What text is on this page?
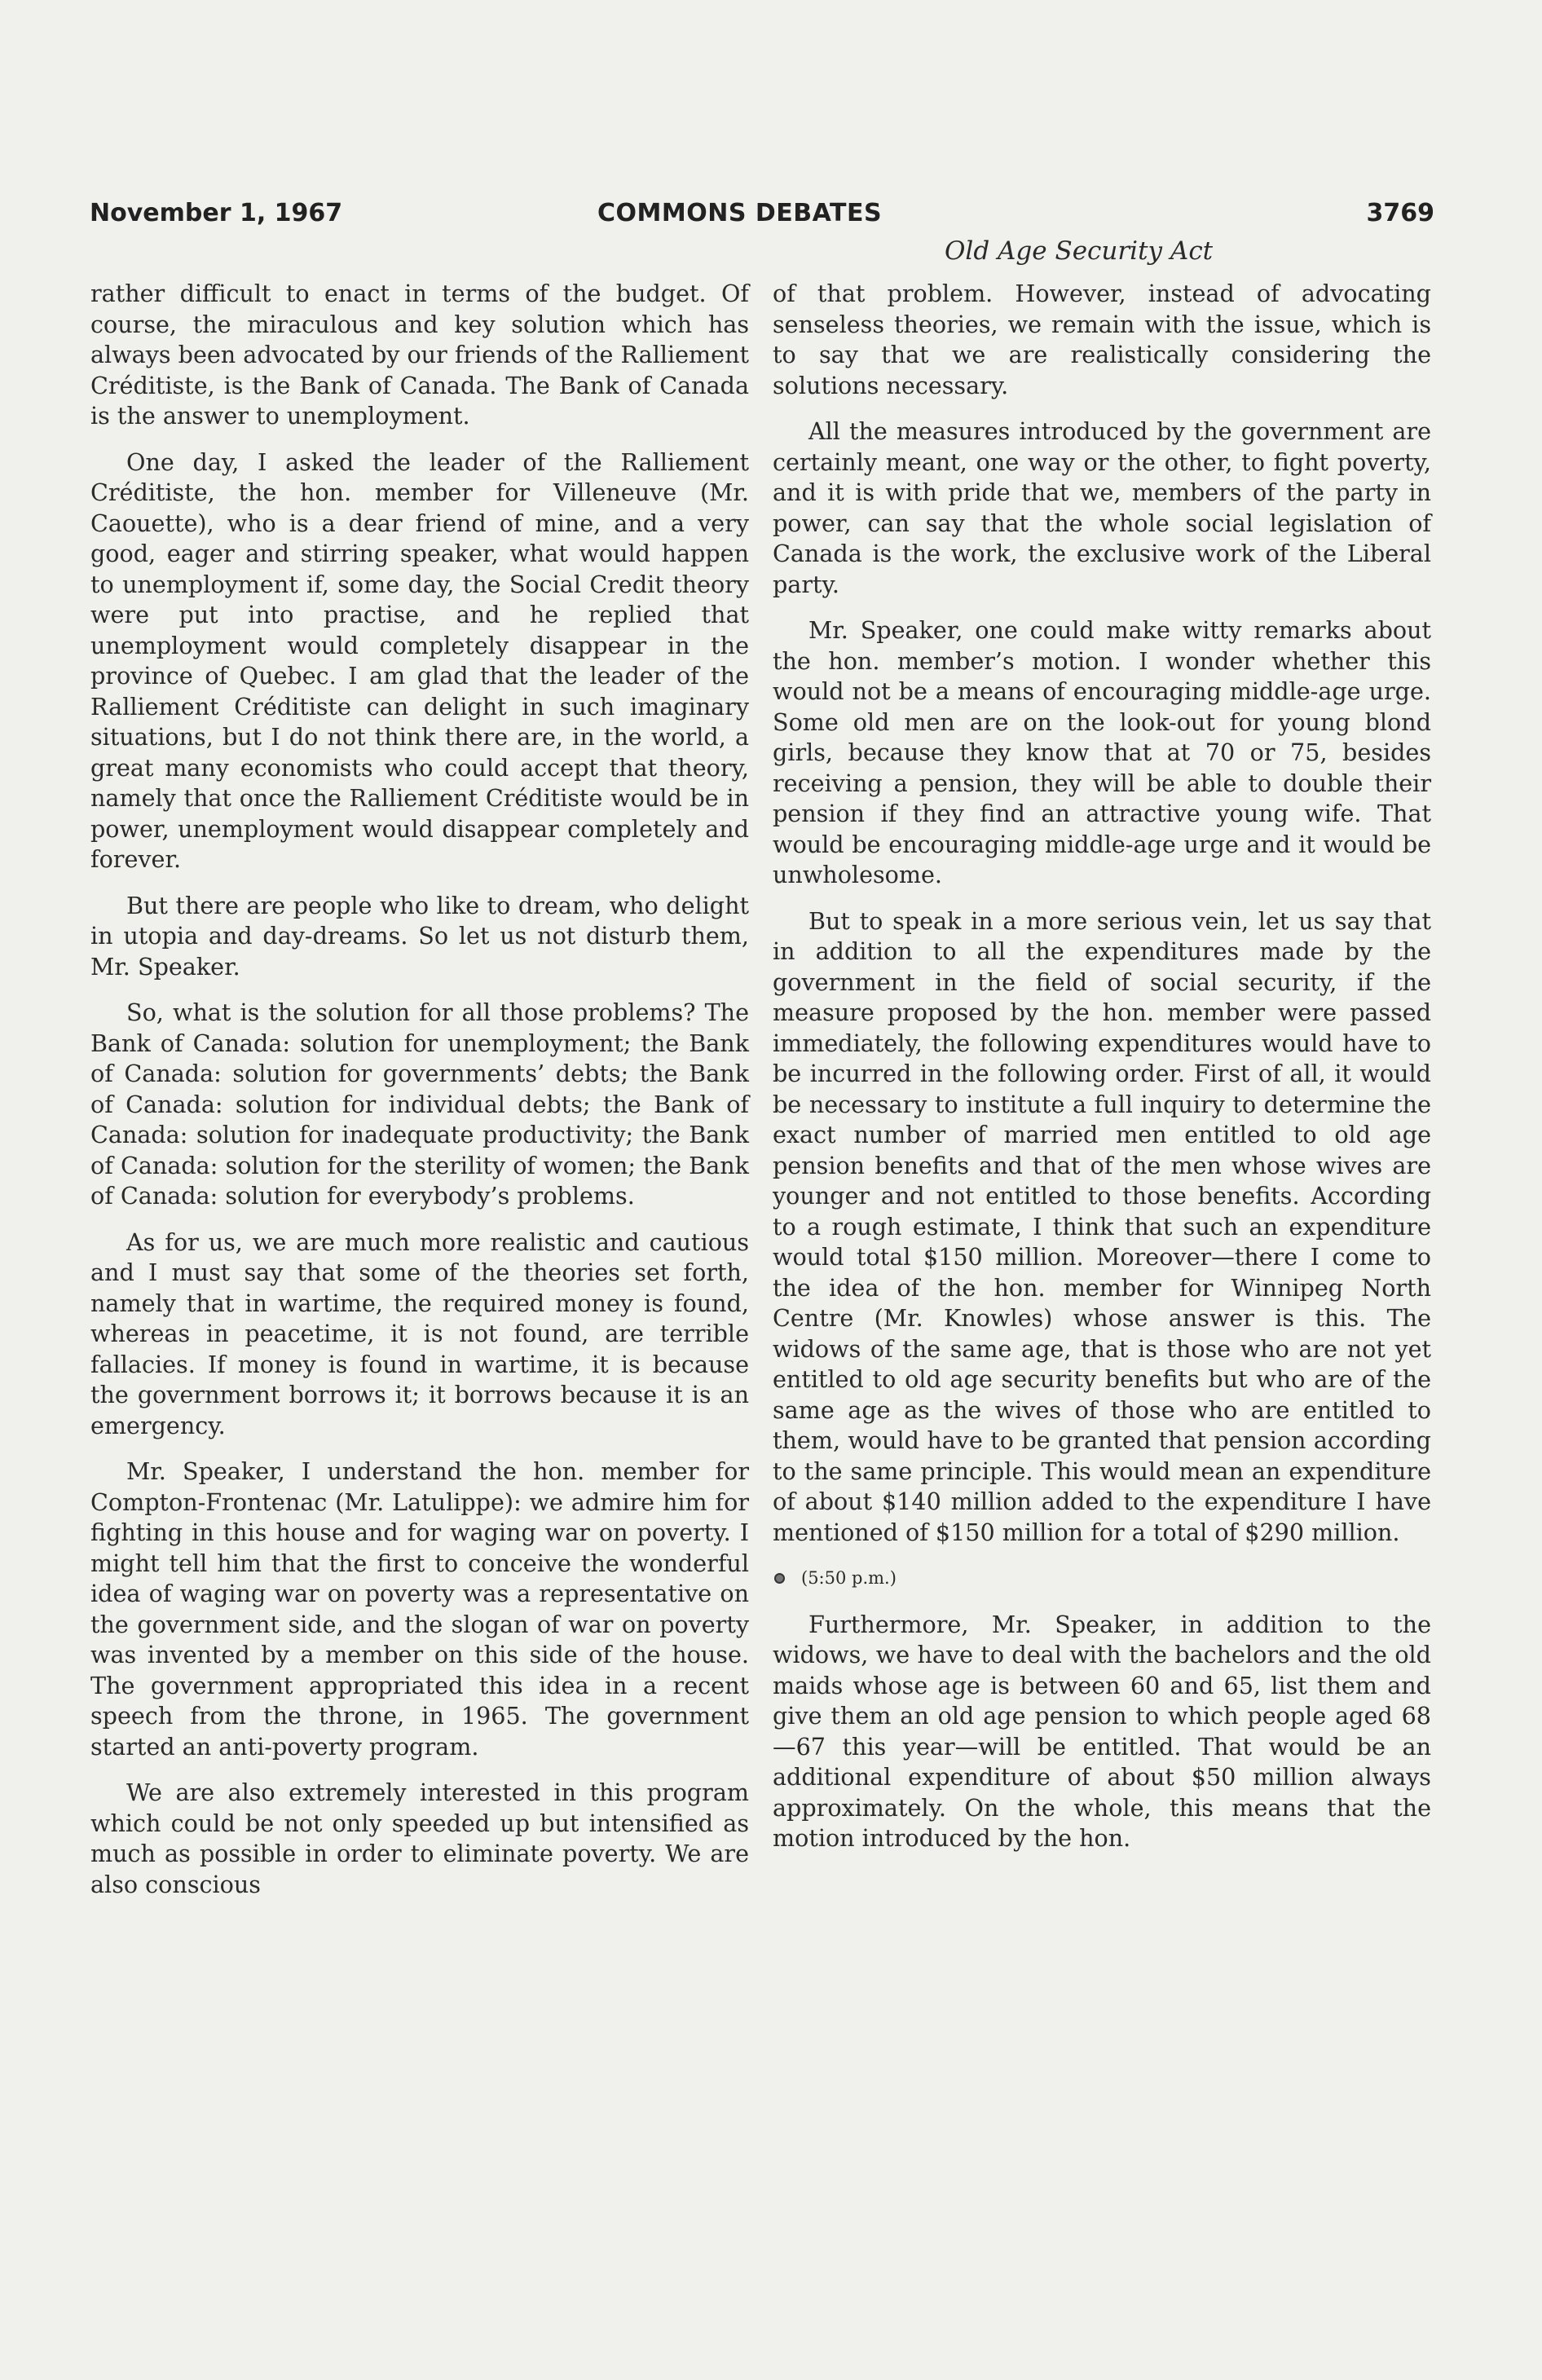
November 1, 1967	COMMONS DEBATES	3769
Old Age Security Act

rather difficult to enact in terms of the budget. Of course, the miraculous and key solution which has always been advocated by our friends of the Ralliement Créditiste, is the Bank of Canada. The Bank of Canada is the answer to unemployment.

One day, I asked the leader of the Ralliement Créditiste, the hon. member for Villeneuve (Mr. Caouette), who is a dear friend of mine, and a very good, eager and stirring speaker, what would happen to unemployment if, some day, the Social Credit theory were put into practise, and he replied that unemployment would completely disappear in the province of Quebec. I am glad that the leader of the Ralliement Créditiste can delight in such imaginary situations, but I do not think there are, in the world, a great many economists who could accept that theory, namely that once the Ralliement Créditiste would be in power, unemployment would disappear completely and forever.

But there are people who like to dream, who delight in utopia and day-dreams. So let us not disturb them, Mr. Speaker.

So, what is the solution for all those problems? The Bank of Canada: solution for unemployment; the Bank of Canada: solution for governments’ debts; the Bank of Canada: solution for individual debts; the Bank of Canada: solution for inadequate productivity; the Bank of Canada: solution for the sterility of women; the Bank of Canada: solution for everybody’s problems.

As for us, we are much more realistic and cautious and I must say that some of the theories set forth, namely that in wartime, the required money is found, whereas in peacetime, it is not found, are terrible fallacies. If money is found in wartime, it is because the government borrows it; it borrows because it is an emergency.

Mr. Speaker, I understand the hon. member for Compton-Frontenac (Mr. Latulippe): we admire him for fighting in this house and for waging war on poverty. I might tell him that the first to conceive the wonderful idea of waging war on poverty was a representative on the government side, and the slogan of war on poverty was invented by a member on this side of the house. The government appropriated this idea in a recent speech from the throne, in 1965. The government started an anti-poverty program.

We are also extremely interested in this program which could be not only speeded up but intensified as much as possible in order to eliminate poverty. We are also conscious

of that problem. However, instead of advocating senseless theories, we remain with the issue, which is to say that we are realistically considering the solutions necessary.

All the measures introduced by the government are certainly meant, one way or the other, to fight poverty, and it is with pride that we, members of the party in power, can say that the whole social legislation of Canada is the work, the exclusive work of the Liberal party.

Mr. Speaker, one could make witty remarks about the hon. member’s motion. I wonder whether this would not be a means of encouraging middle-age urge. Some old men are on the look-out for young blond girls, because they know that at 70 or 75, besides receiving a pension, they will be able to double their pension if they find an attractive young wife. That would be encouraging middle-age urge and it would be unwholesome.

But to speak in a more serious vein, let us say that in addition to all the expenditures made by the government in the field of social security, if the measure proposed by the hon. member were passed immediately, the following expenditures would have to be incurred in the following order. First of all, it would be necessary to institute a full inquiry to determine the exact number of married men entitled to old age pension benefits and that of the men whose wives are younger and not entitled to those benefits. According to a rough estimate, I think that such an expenditure would total $150 million. Moreover—there I come to the idea of the hon. member for Winnipeg North Centre (Mr. Knowles) whose answer is this. The widows of the same age, that is those who are not yet entitled to old age security benefits but who are of the same age as the wives of those who are entitled to them, would have to be granted that pension according to the same principle. This would mean an expenditure of about $140 million added to the expenditure I have mentioned of $150 million for a total of $290 million.

(5:50 p.m.)

Furthermore, Mr. Speaker, in addition to the widows, we have to deal with the bachelors and the old maids whose age is between 60 and 65, list them and give them an old age pension to which people aged 68—67 this year—will be entitled. That would be an additional expenditure of about $50 million always approximately. On the whole, this means that the motion introduced by the hon.
